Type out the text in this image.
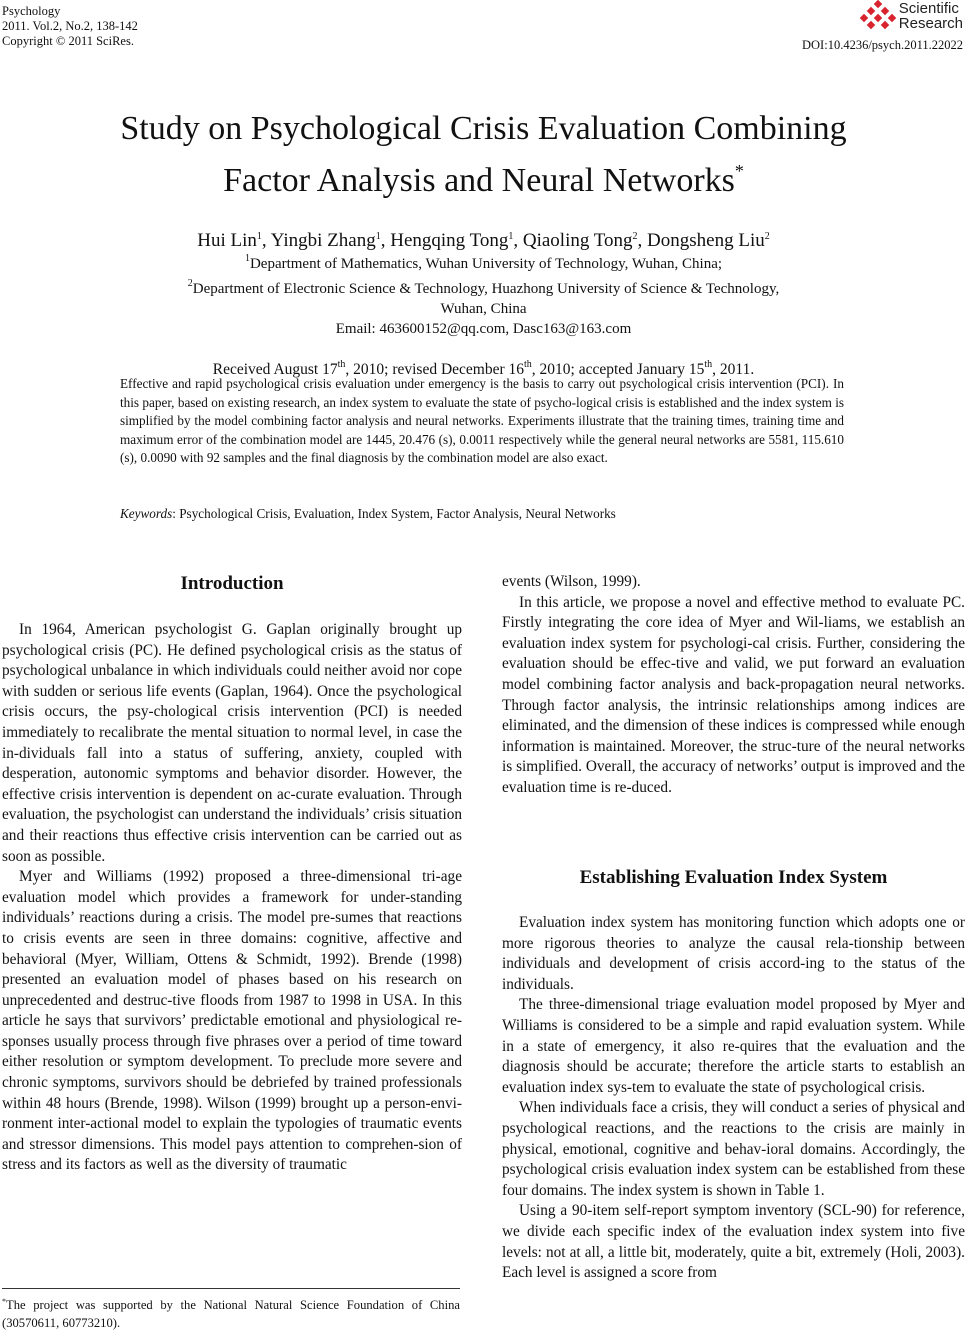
Psychology
2011. Vol.2, No.2, 138-142
Copyright © 2011 SciRes.
Scientific
Research
DOI:10.4236/psych.2011.22022
Study on Psychological Crisis Evaluation Combining
Factor Analysis and Neural Networks*
Hui Lin$^1$, Yingbi Zhang$^1$, Hengqing Tong$^1$, Qiaoling Tong$^2$, Dongsheng Liu$^2$
$^1$Department of Mathematics, Wuhan University of Technology, Wuhan, China;
$^2$Department of Electronic Science & Technology, Huazhong University of Science & Technology,
Wuhan, China
Email: 463600152@qq.com, Dasc163@163.com
Received August 17th, 2010; revised December 16th, 2010; accepted January 15th, 2011.
Effective and rapid psychological crisis evaluation under emergency is the basis to carry out psychological crisis intervention (PCI). In this paper, based on existing research, an index system to evaluate the state of psycho-logical crisis is established and the index system is simplified by the model combining factor analysis and neural networks. Experiments illustrate that the training times, training time and maximum error of the combination model are 1445, 20.476 (s), 0.0011 respectively while the general neural networks are 5581, 115.610 (s), 0.0090 with 92 samples and the final diagnosis by the combination model are also exact.
Keywords: Psychological Crisis, Evaluation, Index System, Factor Analysis, Neural Networks
Introduction

In 1964, American psychologist G. Gaplan originally brought up psychological crisis (PC). He defined psychological crisis as the status of psychological unbalance in which individuals could neither avoid nor cope with sudden or serious life events (Gaplan, 1964). Once the psychological crisis occurs, the psy-chological crisis intervention (PCI) is needed immediately to recalibrate the mental situation to normal level, in case the in-dividuals fall into a status of suffering, anxiety, coupled with desperation, autonomic symptoms and behavior disorder. However, the effective crisis intervention is dependent on ac-curate evaluation. Through evaluation, the psychologist can understand the individuals’ crisis situation and their reactions thus effective crisis intervention can be carried out as soon as possible.

Myer and Williams (1992) proposed a three-dimensional tri-age evaluation model which provides a framework for under-standing individuals’ reactions during a crisis. The model pre-sumes that reactions to crisis events are seen in three domains: cognitive, affective and behavioral (Myer, William, Ottens & Schmidt, 1992). Brende (1998) presented an evaluation model of phases based on his research on unprecedented and destruc-tive floods from 1987 to 1998 in USA. In this article he says that survivors’ predictable emotional and physiological re-sponses usually process through five phrases over a period of time toward either resolution or symptom development. To preclude more severe and chronic symptoms, survivors should be debriefed by trained professionals within 48 hours (Brende, 1998). Wilson (1999) brought up a person-envi- ronment inter-actional model to explain the typologies of traumatic events and stressor dimensions. This model pays attention to comprehen-sion of stress and its factors as well as the diversity of traumatic

events (Wilson, 1999).

In this article, we propose a novel and effective method to evaluate PC. Firstly integrating the core idea of Myer and Wil-liams, we establish an evaluation index system for psychologi-cal crisis. Further, considering the evaluation should be effec-tive and valid, we put forward an evaluation model combining factor analysis and back-propagation neural networks. Through factor analysis, the intrinsic relationships among indices are eliminated, and the dimension of these indices is compressed while enough information is maintained. Moreover, the struc-ture of the neural networks is simplified. Overall, the accuracy of networks’ output is improved and the evaluation time is re-duced.

Establishing Evaluation Index System

Evaluation index system has monitoring function which adopts one or more rigorous theories to analyze the causal rela-tionship between individuals and development of crisis accord-ing to the status of the individuals.

The three-dimensional triage evaluation model proposed by Myer and Williams is considered to be a simple and rapid evaluation system. While in a state of emergency, it also re-quires that the evaluation and the diagnosis should be accurate; therefore the article starts to establish an evaluation index sys-tem to evaluate the state of psychological crisis.

When individuals face a crisis, they will conduct a series of physical and psychological reactions, and the reactions to the crisis are mainly in physical, emotional, cognitive and behav-ioral domains. Accordingly, the psychological crisis evaluation index system can be established from these four domains. The index system is shown in Table 1.

Using a 90-item self-report symptom inventory (SCL-90) for reference, we divide each specific index of the evaluation index system into five levels: not at all, a little bit, moderately, quite a bit, extremely (Holi, 2003). Each level is assigned a score from

*The project was supported by the National Natural Science Foundation of China (30570611, 60773210).
